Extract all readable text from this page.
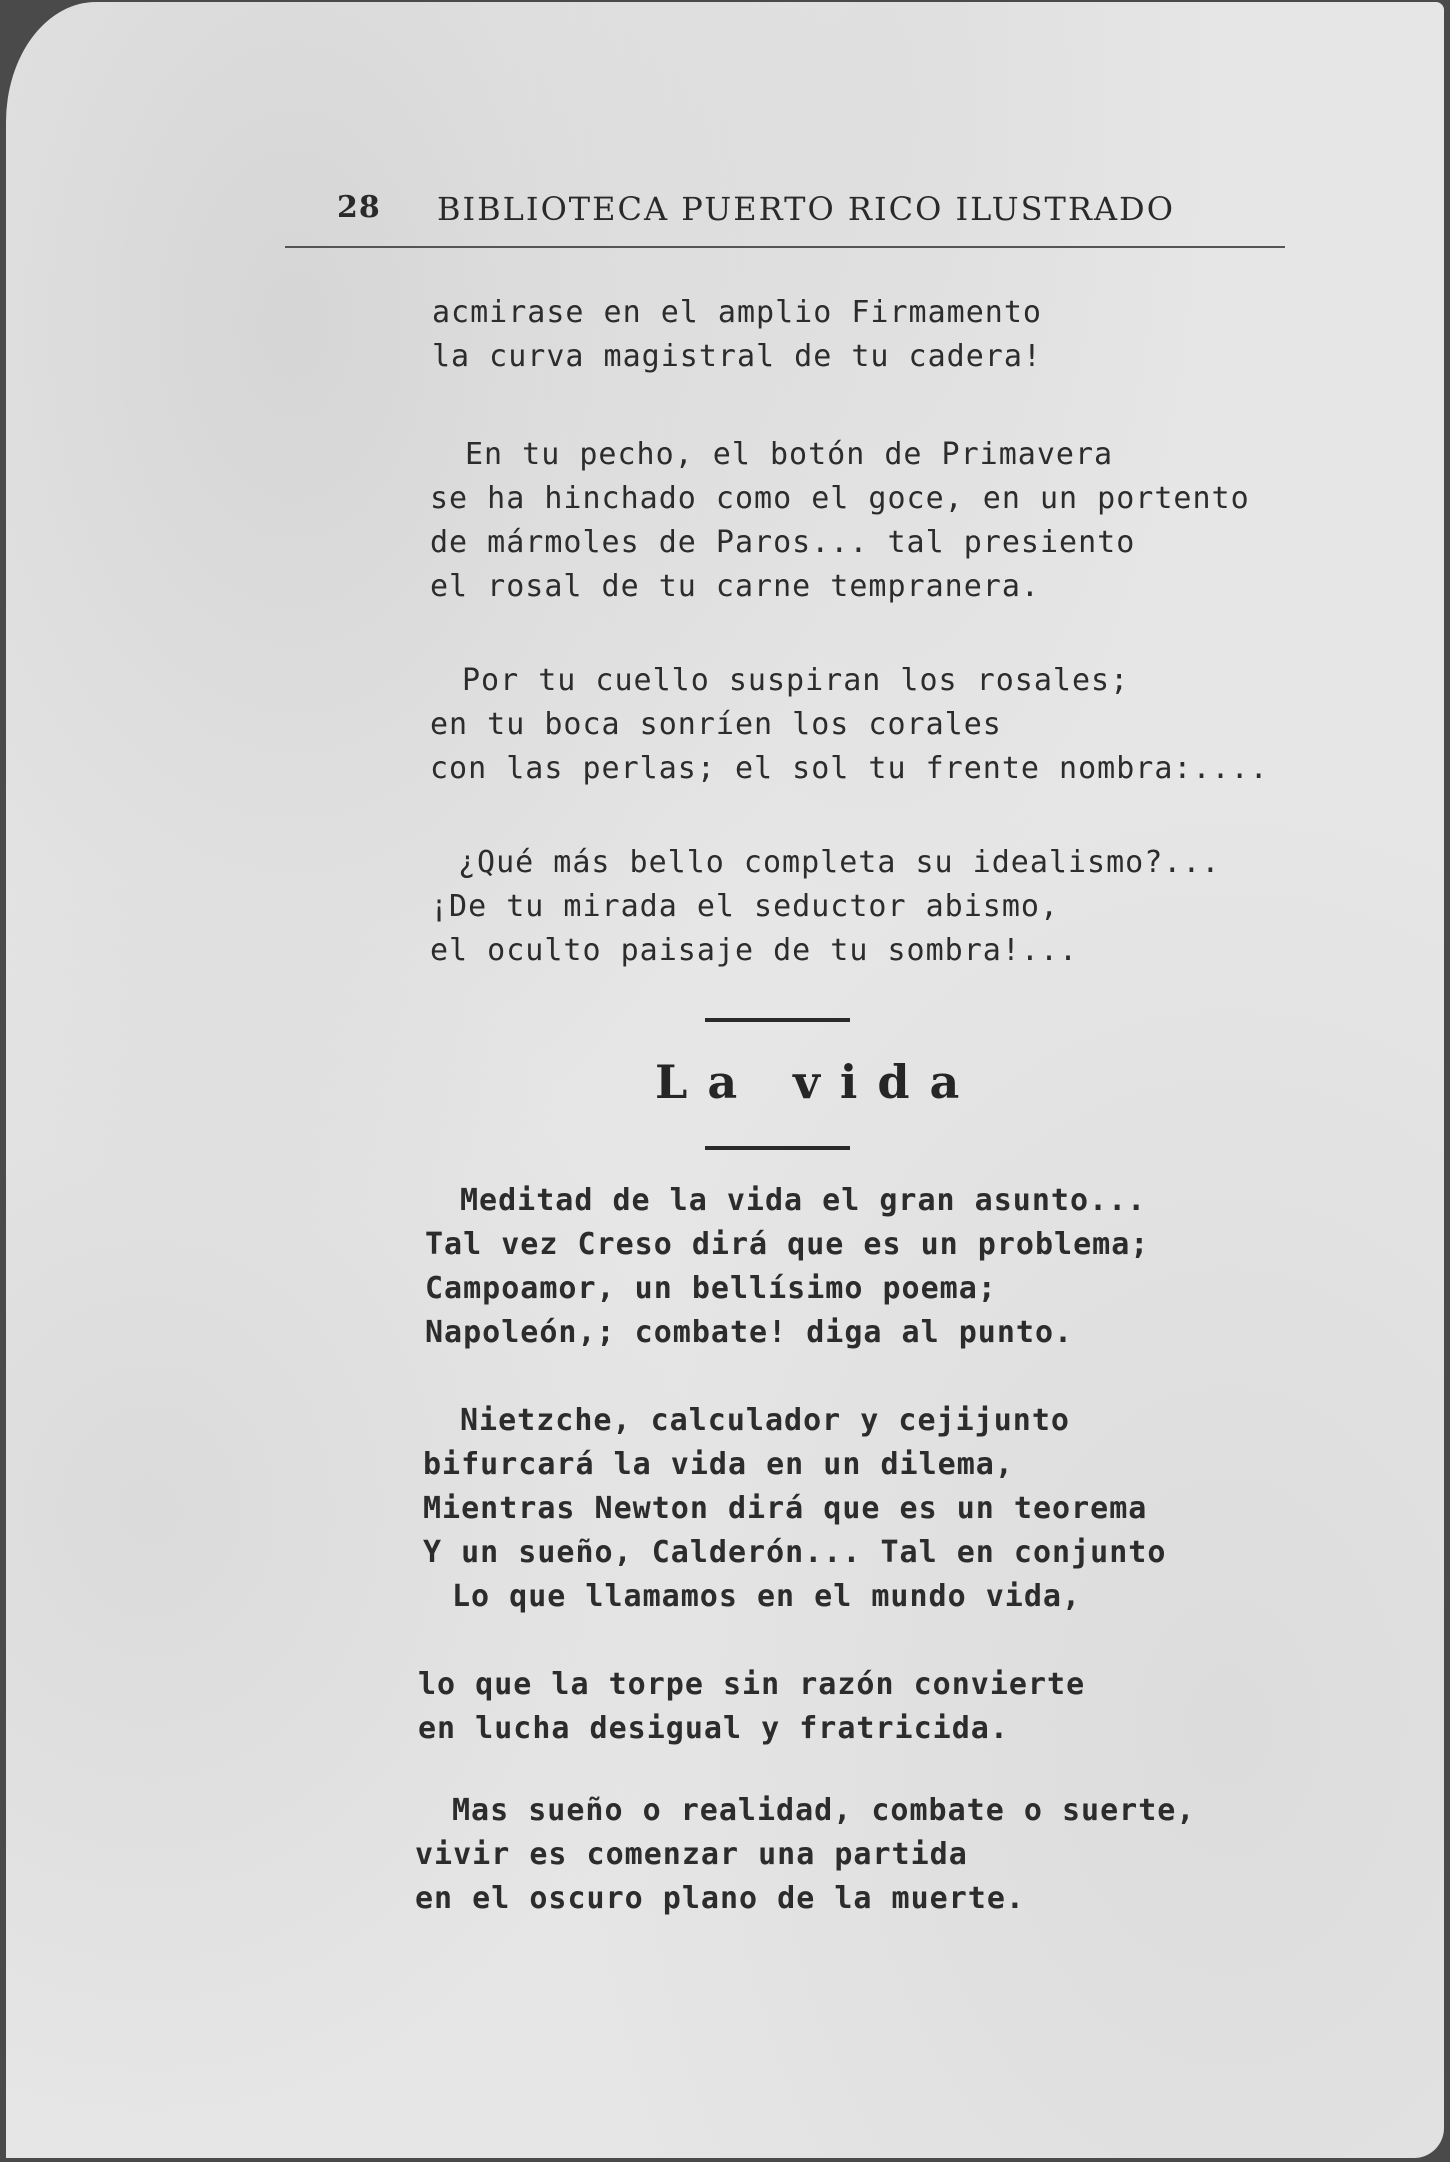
28 BIBLIOTECA PUERTO RICO ILUSTRADO
acmirase en el amplio Firmamento
la curva magistral de tu cadera!
En tu pecho, el botón de Primavera
se ha hinchado como el goce, en un portento
de mármoles de Paros... tal presiento
el rosal de tu carne tempranera.
Por tu cuello suspiran los rosales;
en tu boca sonríen los corales
con las perlas; el sol tu frente nombra:....
¿Qué más bello completa su idealismo?...
¡De tu mirada el seductor abismo,
el oculto paisaje de tu sombra!...
La vida
Meditad de la vida el gran asunto...
Tal vez Creso dirá que es un problema;
Campoamor, un bellísimo poema;
Napoleón,; combate! diga al punto.
Nietzche, calculador y cejijunto
bifurcará la vida en un dilema,
Mientras Newton dirá que es un teorema
Y un sueño, Calderón... Tal en conjunto
Lo que llamamos en el mundo vida,
lo que la torpe sin razón convierte
en lucha desigual y fratricida.
Mas sueño o realidad, combate o suerte,
vivir es comenzar una partida
en el oscuro plano de la muerte.
